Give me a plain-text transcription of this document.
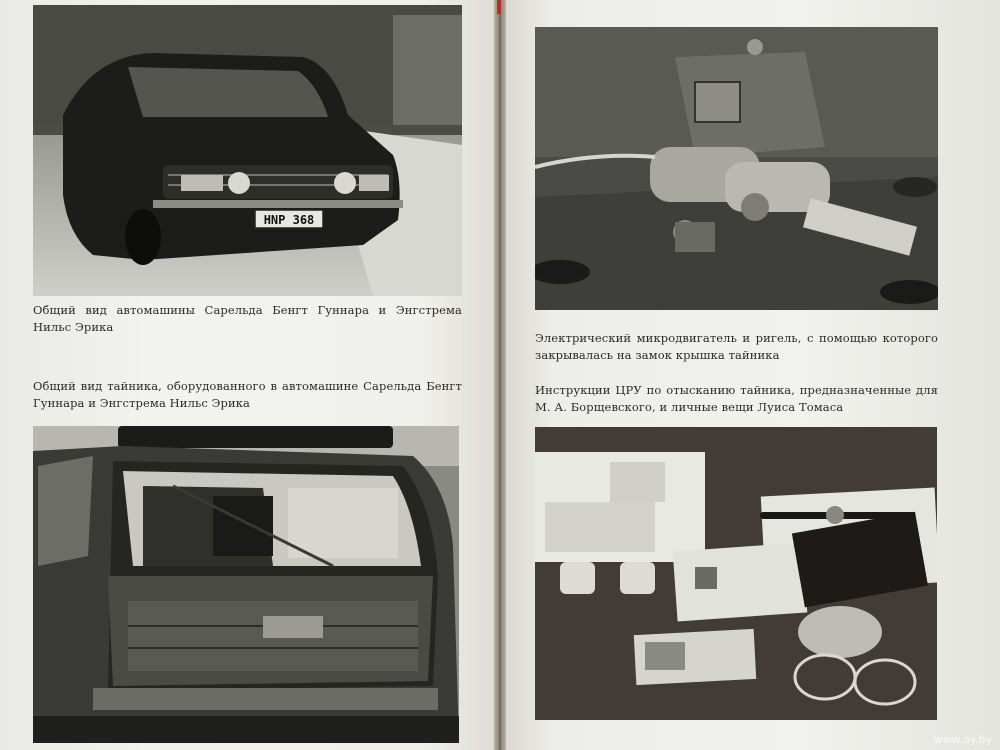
HNP 368
Общий вид автомашины Сарельда Бенгт Гуннара и Энгстрема Нильс Эрика
Общий вид тайника, оборудованного в автомашине Сарельда Бенгт Гуннара и Энгстрема Нильс Эрика
Электрический микродвигатель и ригель, с помощью которого закрывалась на замок крышка тайника
Инструкции ЦРУ по отысканию тайника, предназначенные для М. А. Борщевского, и личные вещи Луиса Томаса
www.ay.by
